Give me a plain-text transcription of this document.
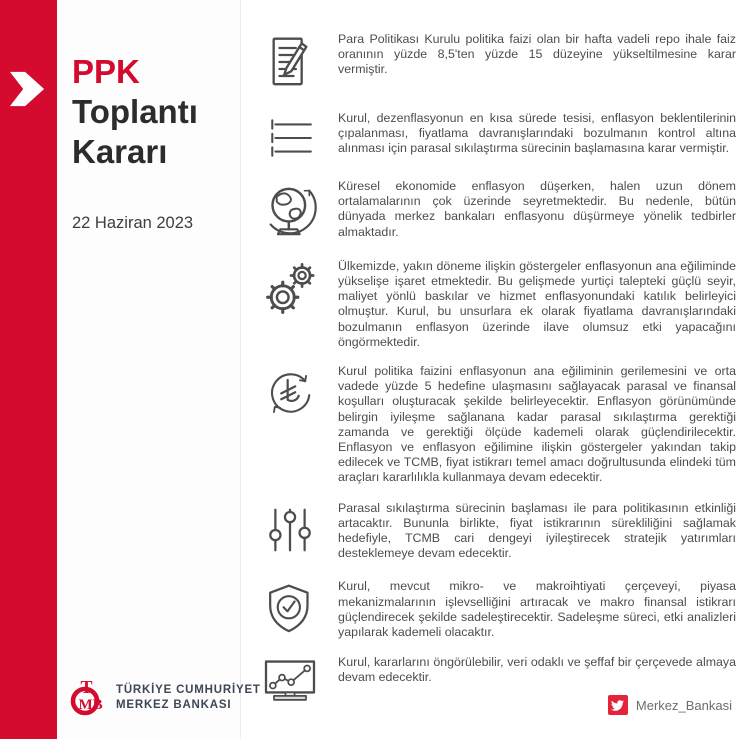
PPK
Toplantı
Kararı
22 Haziran 2023
T
MB
TÜRKİYE CUMHURİYET
MERKEZ BANKASI

Para Politikası Kurulu politika faizi olan bir hafta vadeli repo ihale faiz oranının yüzde 8,5'ten yüzde 15 düzeyine yükseltilmesine karar vermiştir.

Kurul, dezenflasyonun en kısa sürede tesisi, enflasyon beklentilerinin çıpalanması, fiyatlama davranışlarındaki bozulmanın kontrol altına alınması için parasal sıkılaştırma sürecinin başlamasına karar vermiştir.

Küresel ekonomide enflasyon düşerken, halen uzun dönem ortalamalarının çok üzerinde seyretmektedir. Bu nedenle, bütün dünyada merkez bankaları enflasyonu düşürmeye yönelik tedbirler almaktadır.

Ülkemizde, yakın döneme ilişkin göstergeler enflasyonun ana eğiliminde yükselişe işaret etmektedir. Bu gelişmede yurtiçi talepteki güçlü seyir, maliyet yönlü baskılar ve hizmet enflasyonundaki katılık belirleyici olmuştur. Kurul, bu unsurlara ek olarak fiyatlama davranışlarındaki bozulmanın enflasyon üzerinde ilave olumsuz etki yapacağını öngörmektedir.

Kurul politika faizini enflasyonun ana eğiliminin gerilemesini ve orta vadede yüzde 5 hedefine ulaşmasını sağlayacak parasal ve finansal koşulları oluşturacak şekilde belirleyecektir. Enflasyon görünümünde belirgin iyileşme sağlanana kadar parasal sıkılaştırma gerektiği zamanda ve gerektiği ölçüde kademeli olarak güçlendirilecektir. Enflasyon ve enflasyon eğilimine ilişkin göstergeler yakından takip edilecek ve TCMB, fiyat istikrarı temel amacı doğrultusunda elindeki tüm araçları kararlılıkla kullanmaya devam edecektir.

Parasal sıkılaştırma sürecinin başlaması ile para politikasının etkinliği artacaktır. Bununla birlikte, fiyat istikrarının sürekliliğini sağlamak hedefiyle, TCMB cari dengeyi iyileştirecek stratejik yatırımları desteklemeye devam edecektir.

Kurul, mevcut mikro- ve makroihtiyati çerçeveyi, piyasa mekanizmalarının işlevselliğini artıracak ve makro finansal istikrarı güçlendirecek şekilde sadeleştirecektir. Sadeleşme süreci, etki analizleri yapılarak kademeli olacaktır.

Kurul, kararlarını öngörülebilir, veri odaklı ve şeffaf bir çerçevede almaya devam edecektir.

Merkez_Bankasi
